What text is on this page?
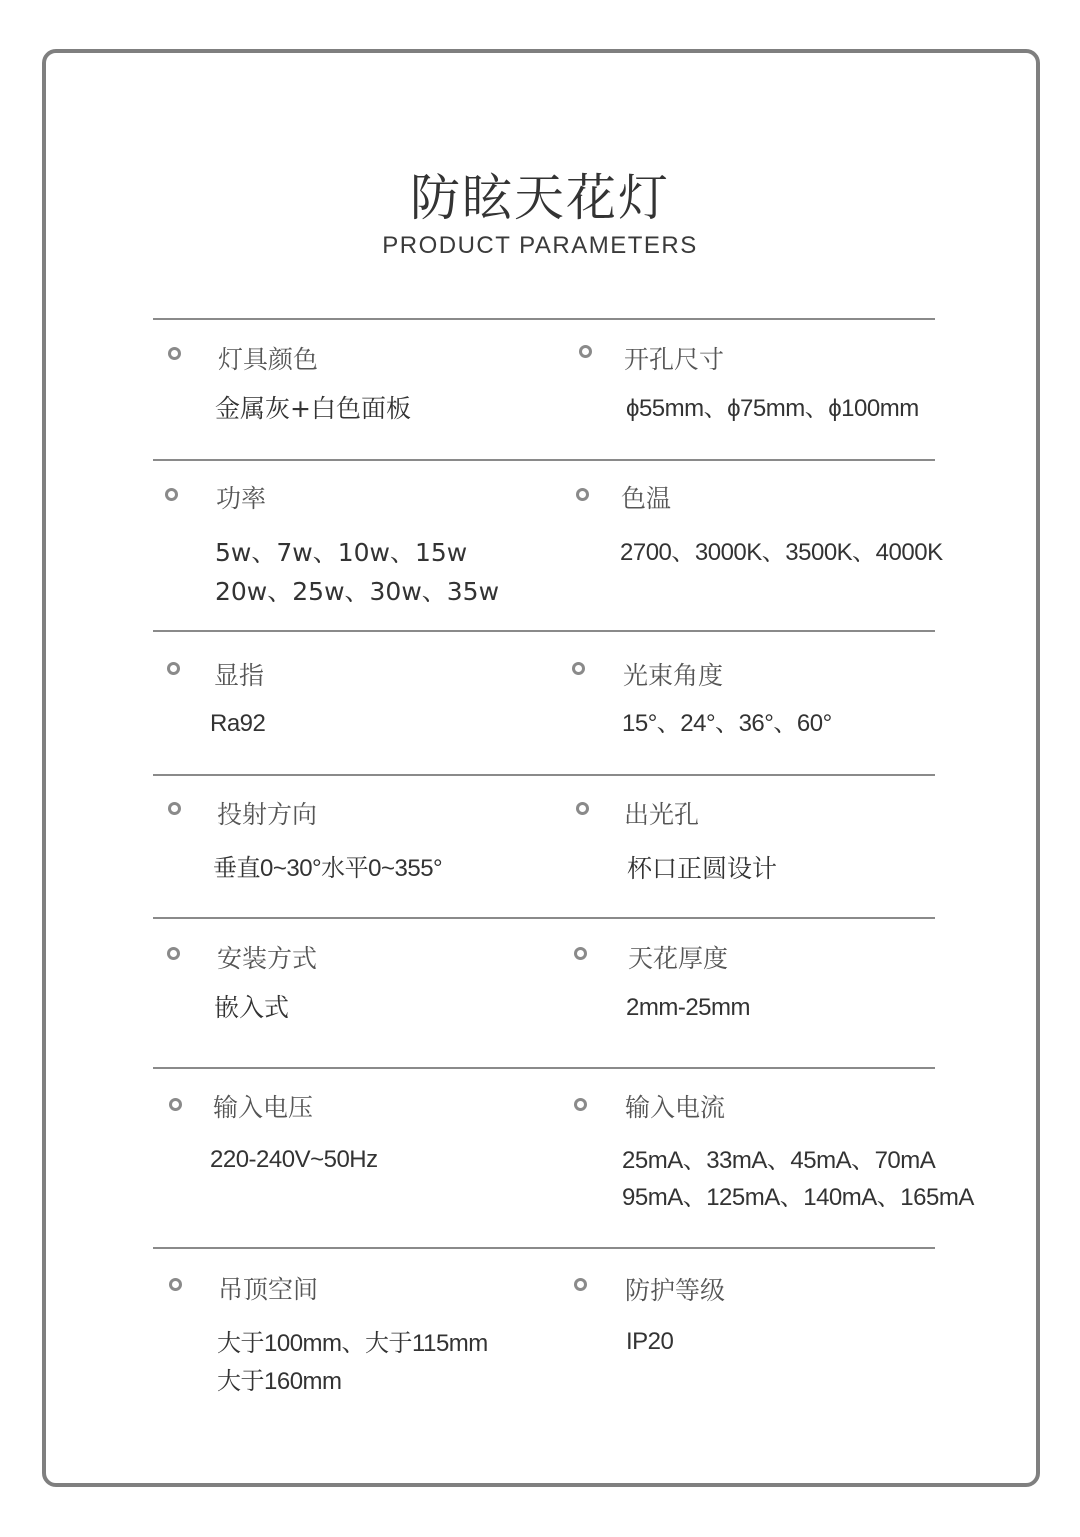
防眩天花灯
PRODUCT PARAMETERS
灯具颜色
金属灰+白色面板
开孔尺寸
ϕ55mm、ϕ75mm、ϕ100mm
功率
5w、7w、10w、15w
20w、25w、30w、35w
色温
2700、3000K、3500K、4000K
显指
Ra92
光束角度
15°、24°、36°、60°
投射方向
垂直0~30°水平0~355°
出光孔
杯口正圆设计
安装方式
嵌入式
天花厚度
2mm-25mm
输入电压
220-240V~50Hz
输入电流
25mA、33mA、45mA、70mA
95mA、125mA、140mA、165mA
吊顶空间
大于100mm、大于115mm
大于160mm
防护等级
IP20
